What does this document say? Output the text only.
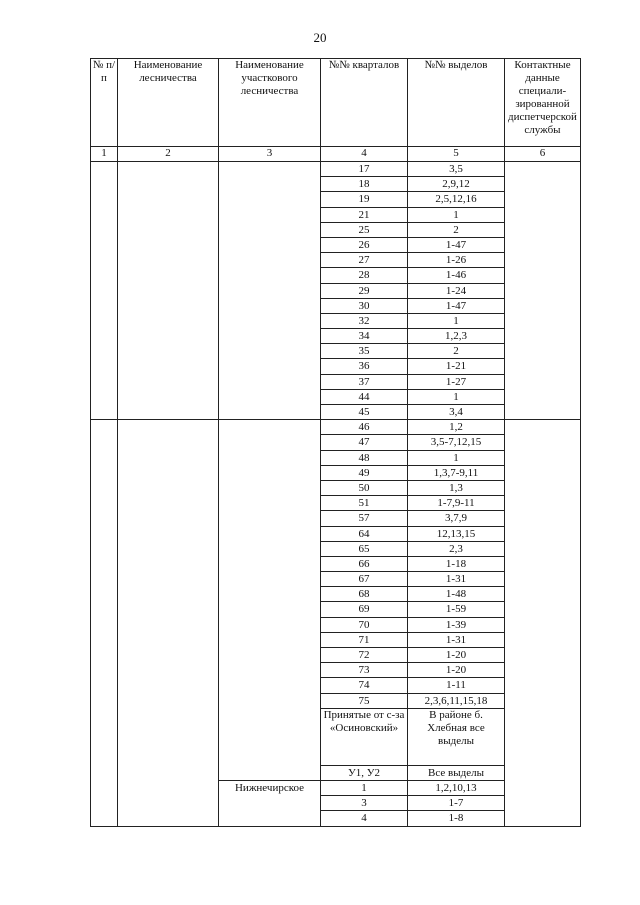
20
№ п/п	Наименование лесничества	Наименование участкового лесничества	№№ кварталов	№№ выделов	Контактные данные специали-зированной диспетчерской службы
1	2	3	4	5	6
			17	3,5	
			18	2,9,12	
			19	2,5,12,16	
			21	1	
			25	2	
			26	1-47	
			27	1-26	
			28	1-46	
			29	1-24	
			30	1-47	
			32	1	
			34	1,2,3	
			35	2	
			36	1-21	
			37	1-27	
			44	1	
			45	3,4	
			46	1,2	
			47	3,5-7,12,15	
			48	1	
			49	1,3,7-9,11	
			50	1,3	
			51	1-7,9-11	
			57	3,7,9	
			64	12,13,15	
			65	2,3	
			66	1-18	
			67	1-31	
			68	1-48	
			69	1-59	
			70	1-39	
			71	1-31	
			72	1-20	
			73	1-20	
			74	1-11	
			75	2,3,6,11,15,18	
			Принятые от с-за «Осиновский»	В районе б. Хлебная все выделы	
			У1, У2	Все выделы	
		Нижнечирское	1	1,2,10,13	
			3	1-7	
			4	1-8	
